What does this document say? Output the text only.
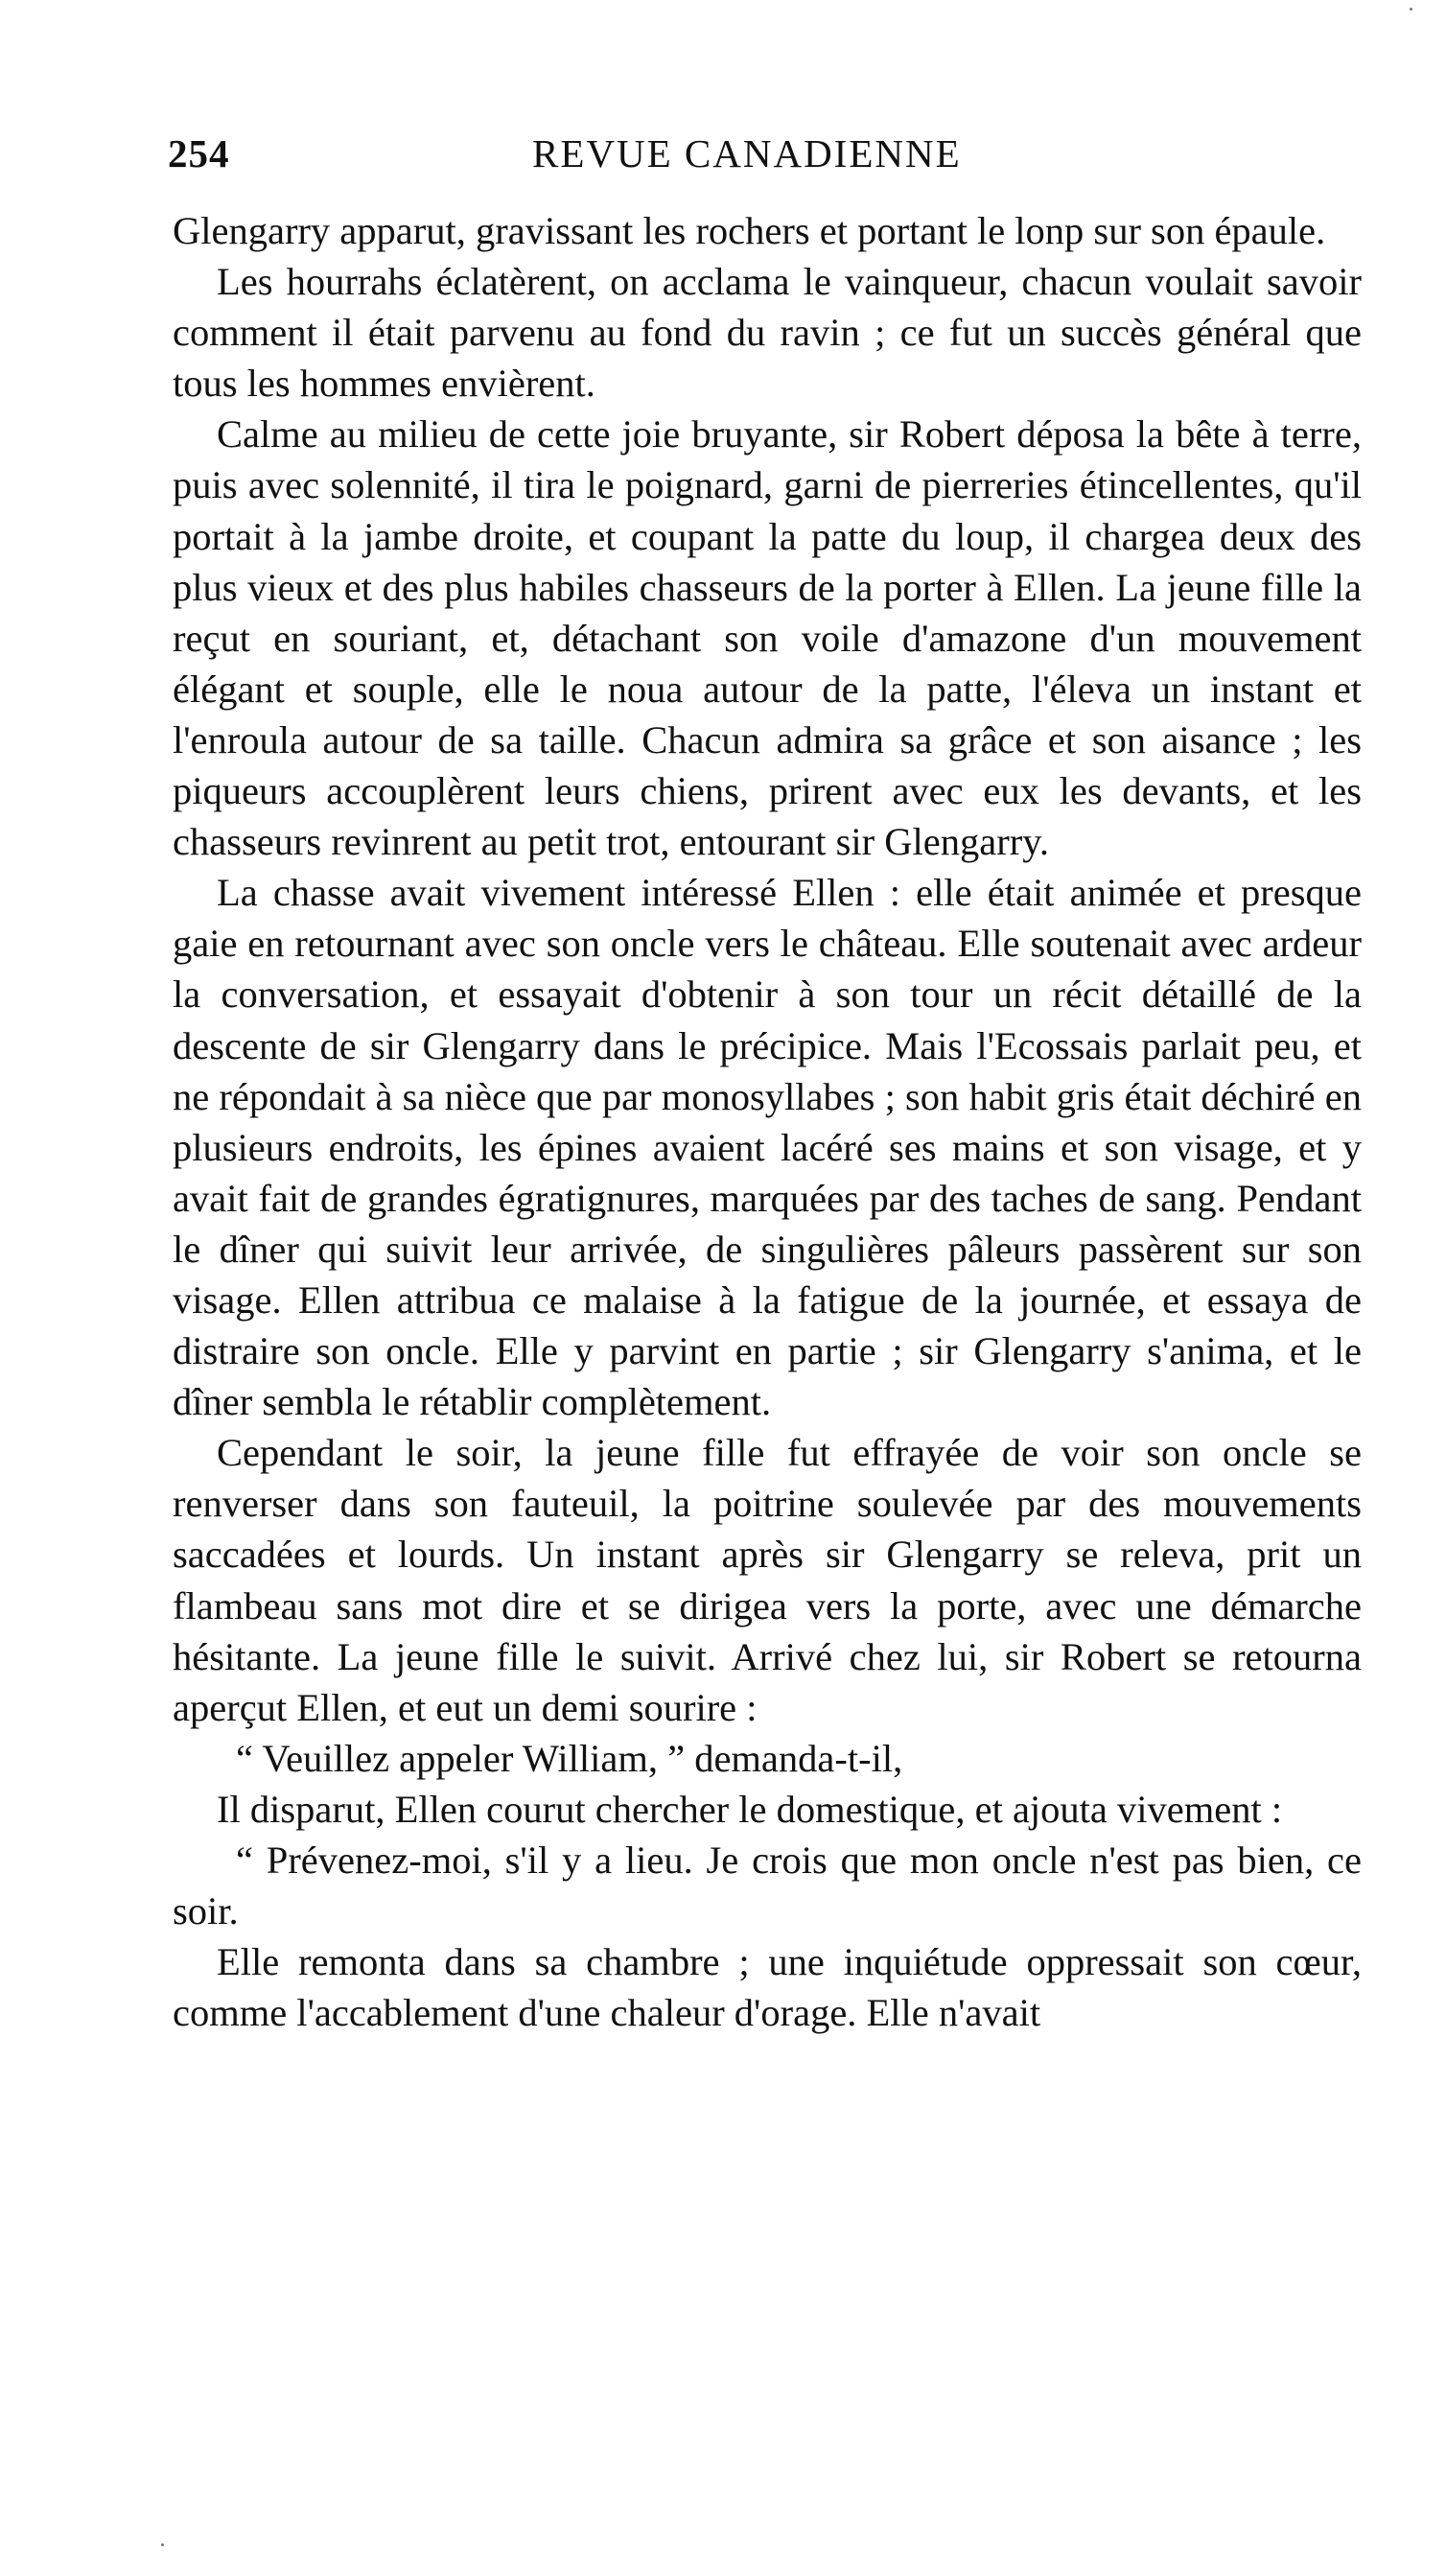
254	REVUE CANADIENNE

Glengarry apparut, gravissant les rochers et portant le lonp sur son épaule.

Les hourrahs éclatèrent, on acclama le vainqueur, chacun voulait savoir comment il était parvenu au fond du ravin ; ce fut un succès général que tous les hommes envièrent.

Calme au milieu de cette joie bruyante, sir Robert déposa la bête à terre, puis avec solennité, il tira le poignard, garni de pierreries étincellentes, qu'il portait à la jambe droite, et coupant la patte du loup, il chargea deux des plus vieux et des plus habiles chasseurs de la porter à Ellen. La jeune fille la reçut en souriant, et, détachant son voile d'amazone d'un mouvement élégant et souple, elle le noua autour de la patte, l'éleva un instant et l'enroula autour de sa taille. Chacun admira sa grâce et son aisance ; les piqueurs accouplèrent leurs chiens, prirent avec eux les devants, et les chasseurs revinrent au petit trot, entourant sir Glengarry.

La chasse avait vivement intéressé Ellen : elle était animée et presque gaie en retournant avec son oncle vers le château. Elle soutenait avec ardeur la conversation, et essayait d'obtenir à son tour un récit détaillé de la descente de sir Glengarry dans le précipice. Mais l'Ecossais parlait peu, et ne répondait à sa nièce que par monosyllabes ; son habit gris était déchiré en plusieurs endroits, les épines avaient lacéré ses mains et son visage, et y avait fait de grandes égratignures, marquées par des taches de sang. Pendant le dîner qui suivit leur arrivée, de singulières pâleurs passèrent sur son visage. Ellen attribua ce malaise à la fatigue de la journée, et essaya de distraire son oncle. Elle y parvint en partie ; sir Glengarry s'anima, et le dîner sembla le rétablir complètement.

Cependant le soir, la jeune fille fut effrayée de voir son oncle se renverser dans son fauteuil, la poitrine soulevée par des mouvements saccadées et lourds. Un instant après sir Glengarry se releva, prit un flambeau sans mot dire et se dirigea vers la porte, avec une démarche hésitante. La jeune fille le suivit. Arrivé chez lui, sir Robert se retourna aperçut Ellen, et eut un demi sourire :

“ Veuillez appeler William, ” demanda-t-il,

Il disparut, Ellen courut chercher le domestique, et ajouta vivement :

“ Prévenez-moi, s'il y a lieu. Je crois que mon oncle n'est pas bien, ce soir.

Elle remonta dans sa chambre ; une inquiétude oppressait son cœur, comme l'accablement d'une chaleur d'orage. Elle n'avait
